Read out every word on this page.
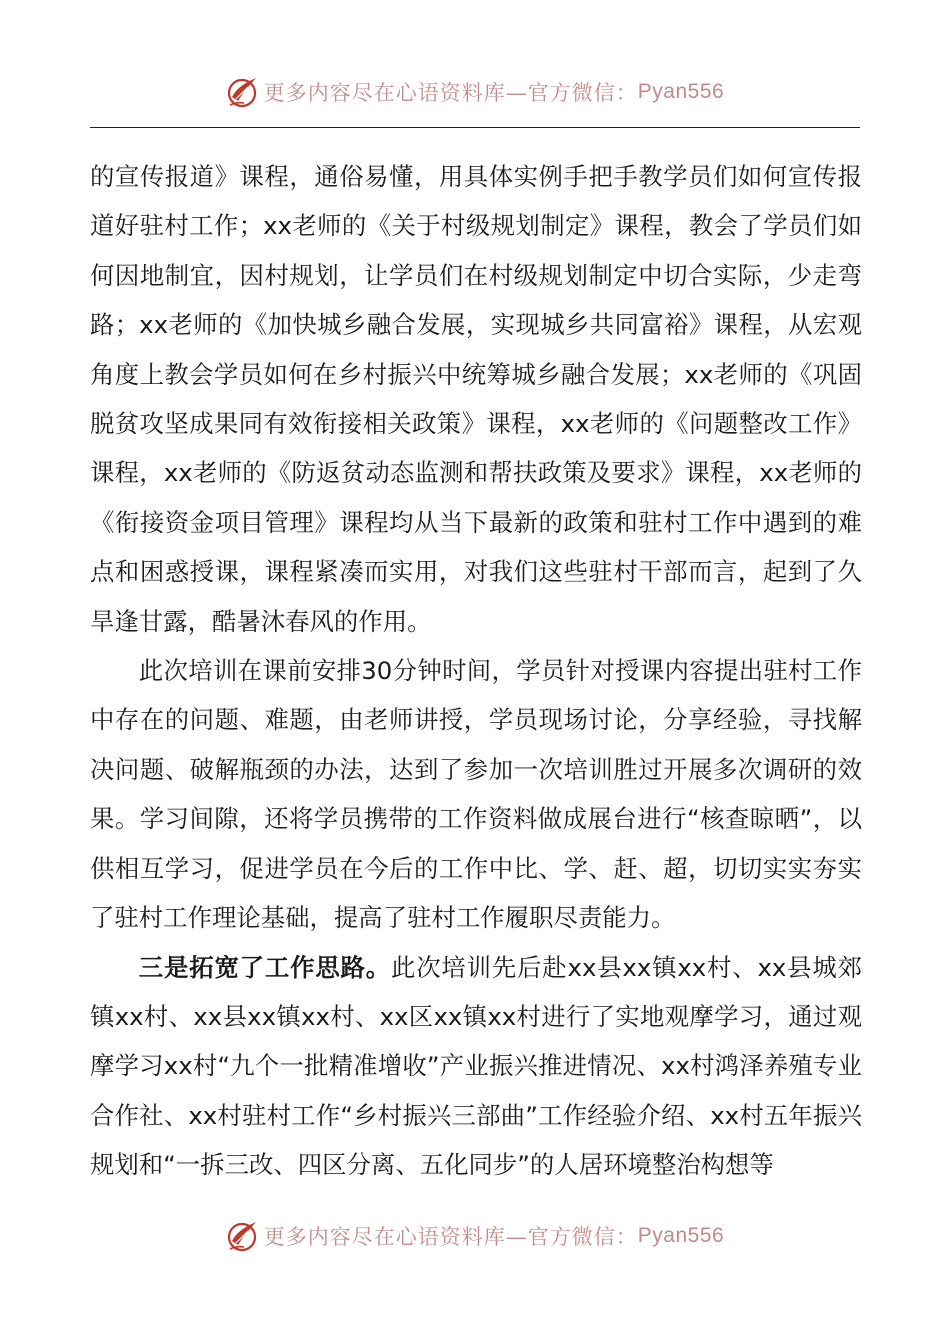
更多内容尽在心语资料库—官方微信： Pyan556

的宣传报道》课程，通俗易懂，用具体实例手把手教学员们如何宣传报道好驻村工作；xx老师的《关于村级规划制定》课程，教会了学员们如何因地制宜，因村规划，让学员们在村级规划制定中切合实际，少走弯路；xx老师的《加快城乡融合发展，实现城乡共同富裕》课程，从宏观角度上教会学员如何在乡村振兴中统筹城乡融合发展；xx老师的《巩固脱贫攻坚成果同有效衔接相关政策》课程，xx老师的《问题整改工作》课程，xx老师的《防返贫动态监测和帮扶政策及要求》课程，xx老师的《衔接资金项目管理》课程均从当下最新的政策和驻村工作中遇到的难点和困惑授课，课程紧凑而实用，对我们这些驻村干部而言，起到了久旱逢甘露，酷暑沐春风的作用。

此次培训在课前安排30分钟时间，学员针对授课内容提出驻村工作中存在的问题、难题，由老师讲授，学员现场讨论，分享经验，寻找解决问题、破解瓶颈的办法，达到了参加一次培训胜过开展多次调研的效果。学习间隙，还将学员携带的工作资料做成展台进行“核查晾晒”，以供相互学习，促进学员在今后的工作中比、学、赶、超，切切实实夯实了驻村工作理论基础，提高了驻村工作履职尽责能力。

三是拓宽了工作思路。此次培训先后赴xx县xx镇xx村、xx县城郊镇xx村、xx县xx镇xx村、xx区xx镇xx村进行了实地观摩学习，通过观摩学习xx村“九个一批精准增收”产业振兴推进情况、xx村鸿泽养殖专业合作社、xx村驻村工作“乡村振兴三部曲”工作经验介绍、xx村五年振兴规划和“一拆三改、四区分离、五化同步”的人居环境整治构想等

更多内容尽在心语资料库—官方微信： Pyan556
